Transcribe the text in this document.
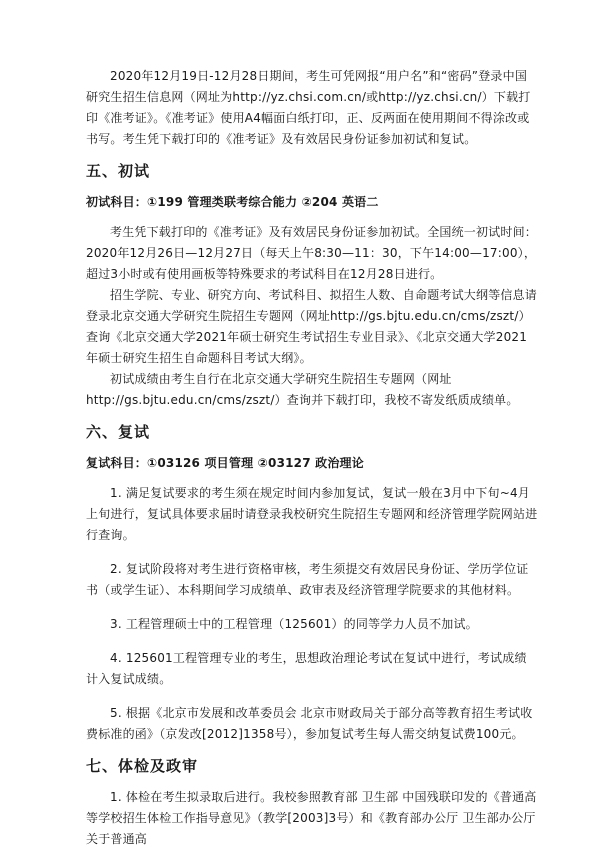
2020年12月19日-12月28日期间，考生可凭网报“用户名”和“密码”登录中国研究生招生信息网（网址为http://yz.chsi.com.cn/或http://yz.chsi.cn/）下载打印《准考证》。《准考证》使用A4幅面白纸打印，正、反两面在使用期间不得涂改或书写。考生凭下载打印的《准考证》及有效居民身份证参加初试和复试。

五、初试
初试科目：①199 管理类联考综合能力 ②204 英语二

考生凭下载打印的《准考证》及有效居民身份证参加初试。全国统一初试时间：2020年12月26日—12月27日（每天上午8:30—11：30，下午14:00—17:00），超过3小时或有使用画板等特殊要求的考试科目在12月28日进行。

招生学院、专业、研究方向、考试科目、拟招生人数、自命题考试大纲等信息请登录北京交通大学研究生院招生专题网（网址http://gs.bjtu.edu.cn/cms/zszt/）查询《北京交通大学2021年硕士研究生考试招生专业目录》、《北京交通大学2021年硕士研究生招生自命题科目考试大纲》。

初试成绩由考生自行在北京交通大学研究生院招生专题网（网址http://gs.bjtu.edu.cn/cms/zszt/）查询并下载打印，我校不寄发纸质成绩单。

六、复试
复试科目：①03126 项目管理 ②03127 政治理论

1. 满足复试要求的考生须在规定时间内参加复试，复试一般在3月中下旬~4月上旬进行，复试具体要求届时请登录我校研究生院招生专题网和经济管理学院网站进行查询。

2. 复试阶段将对考生进行资格审核，考生须提交有效居民身份证、学历学位证书（或学生证）、本科期间学习成绩单、政审表及经济管理学院要求的其他材料。

3. 工程管理硕士中的工程管理（125601）的同等学力人员不加试。

4. 125601工程管理专业的考生，思想政治理论考试在复试中进行，考试成绩计入复试成绩。

5. 根据《北京市发展和改革委员会 北京市财政局关于部分高等教育招生考试收费标准的函》（京发改[2012]1358号），参加复试考生每人需交纳复试费100元。

七、体检及政审

1. 体检在考生拟录取后进行。我校参照教育部 卫生部 中国残联印发的《普通高等学校招生体检工作指导意见》（教学[2003]3号）和《教育部办公厅 卫生部办公厅关于普通高
